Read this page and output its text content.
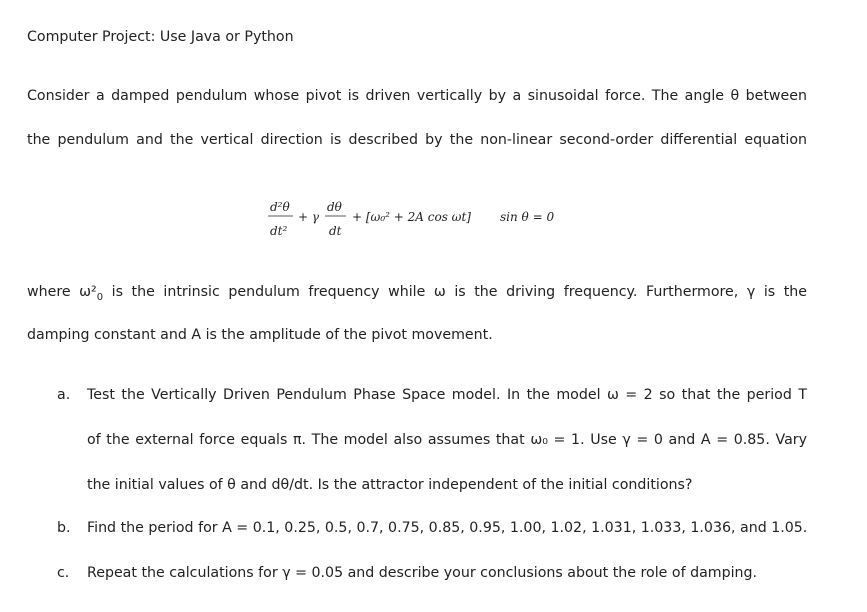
Computer Project: Use Java or Python
Consider a damped pendulum whose pivot is driven vertically by a sinusoidal force. The angle θ between
the pendulum and the vertical direction is described by the non-linear second-order differential equation
d²θ
dt²
+ γ
dθ
dt
+ [ω₀² + 2A cos ωt] sin θ = 0
where $\omega^2_0$ is the intrinsic pendulum frequency while ω is the driving frequency. Furthermore, γ is the
damping constant and A is the amplitude of the pivot movement.
a. Test the Vertically Driven Pendulum Phase Space model. In the model ω = 2 so that the period T
of the external force equals π. The model also assumes that ω₀ = 1. Use γ = 0 and A = 0.85. Vary
the initial values of θ and dθ/dt. Is the attractor independent of the initial conditions?
b. Find the period for A = 0.1, 0.25, 0.5, 0.7, 0.75, 0.85, 0.95, 1.00, 1.02, 1.031, 1.033, 1.036, and 1.05.
c. Repeat the calculations for γ = 0.05 and describe your conclusions about the role of damping.
